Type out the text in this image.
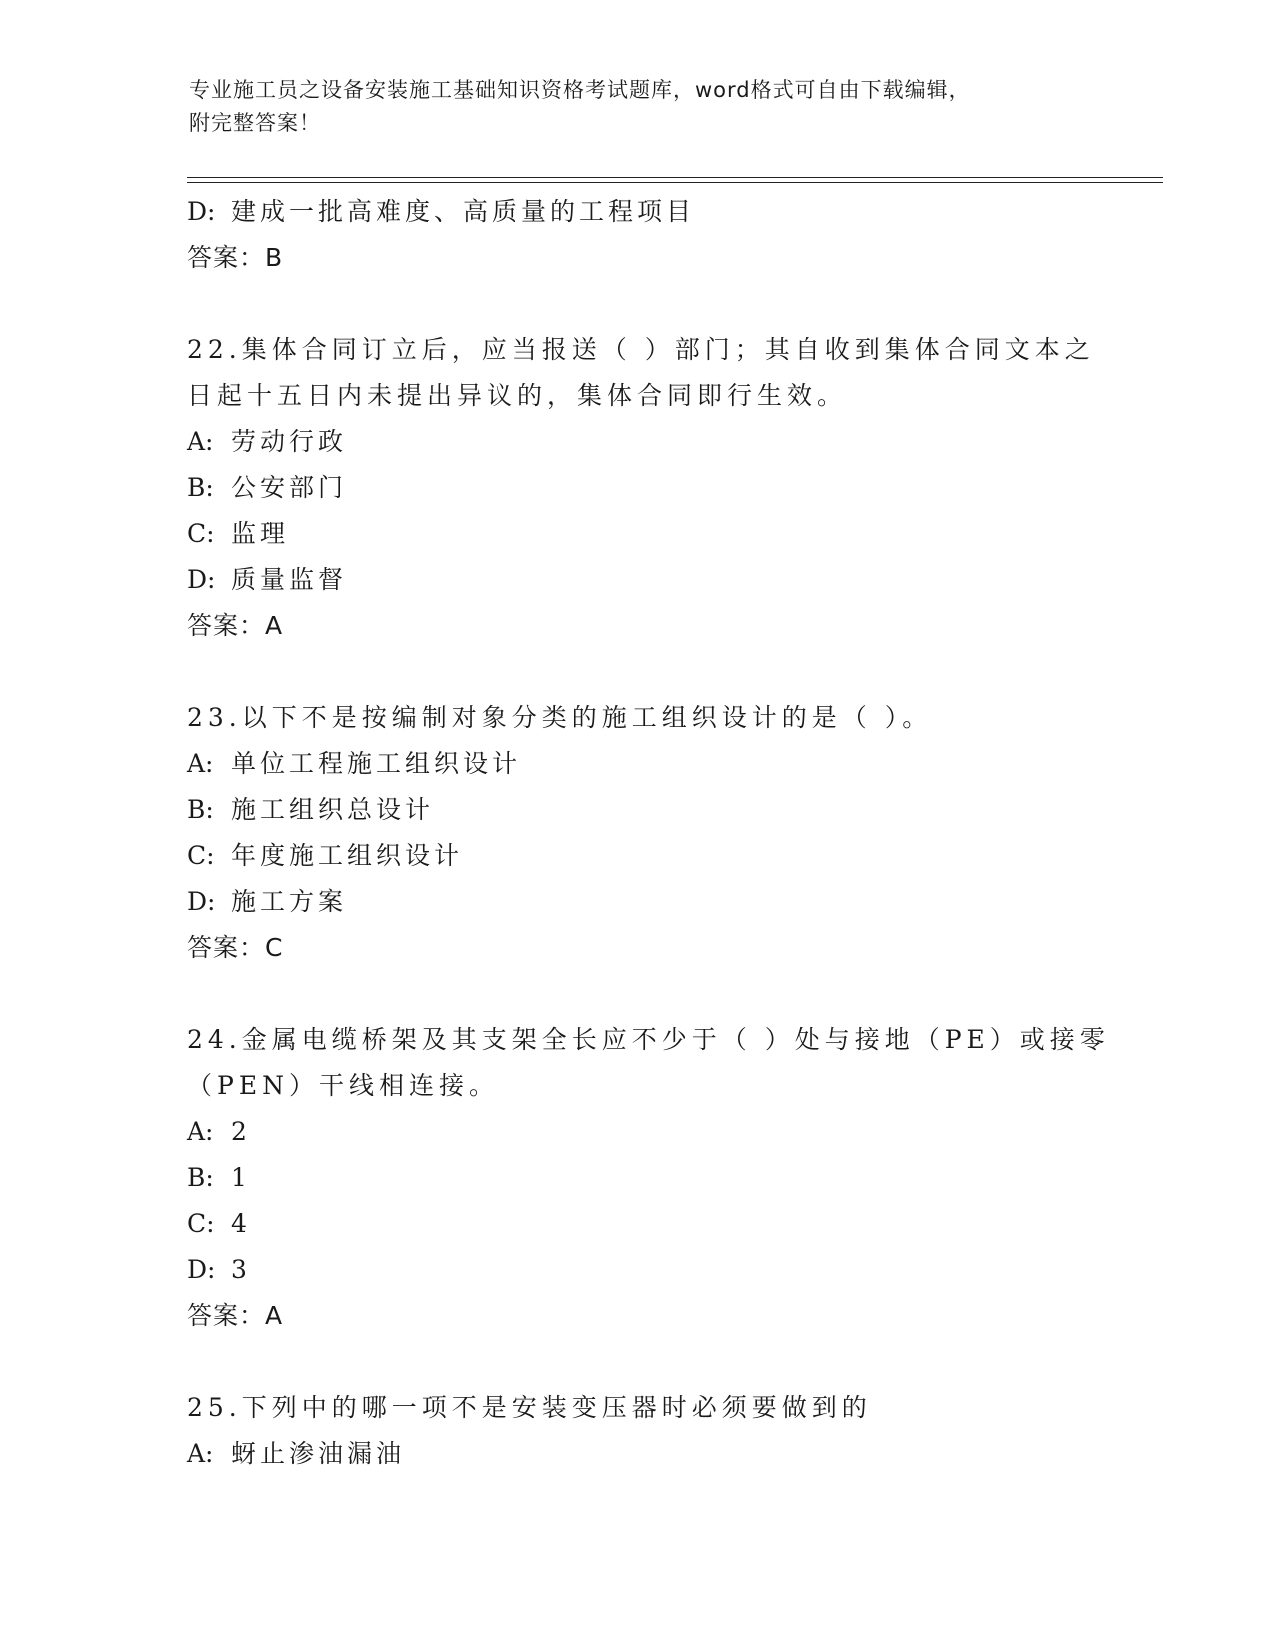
专业施工员之设备安装施工基础知识资格考试题库，word格式可自由下载编辑，
附完整答案！
D: 建成一批高难度、高质量的工程项目
答案：B
22.集体合同订立后，应当报送（ ）部门；其自收到集体合同文本之
日起十五日内未提出异议的，集体合同即行生效。
A: 劳动行政
B: 公安部门
C: 监理
D: 质量监督
答案：A
23.以下不是按编制对象分类的施工组织设计的是（ ）。
A: 单位工程施工组织设计
B: 施工组织总设计
C: 年度施工组织设计
D: 施工方案
答案：C
24.金属电缆桥架及其支架全长应不少于（ ）处与接地（PE）或接零
（PEN）干线相连接。
A: 2
B: 1
C: 4
D: 3
答案：A
25.下列中的哪一项不是安装变压器时必须要做到的
A: 蚜止渗油漏油
